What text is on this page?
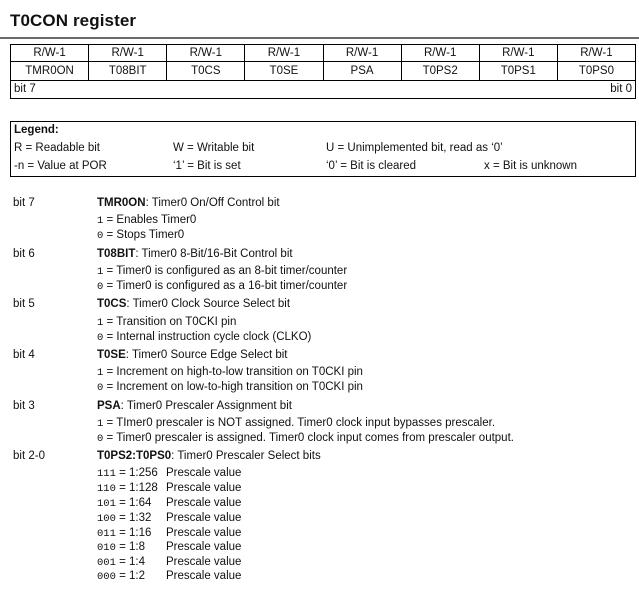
T0CON register
R/W-1	R/W-1	R/W-1	R/W-1	R/W-1	R/W-1	R/W-1	R/W-1
TMR0ON	T08BIT	T0CS	T0SE	PSA	T0PS2	T0PS1	T0PS0

bit 7 bit 0							
Legend:
R = Readable bit	W = Writable bit	U = Unimplemented bit, read as ‘0’
-n = Value at POR	‘1’ = Bit is set	‘0’ = Bit is cleared	x = Bit is unknown
bit 7	TMR0ON: Timer0 On/Off Control bit
1 = Enables Timer0
0 = Stops Timer0
bit 6	T08BIT: Timer0 8-Bit/16-Bit Control bit
1 = Timer0 is configured as an 8-bit timer/counter
0 = Timer0 is configured as a 16-bit timer/counter
bit 5	T0CS: Timer0 Clock Source Select bit
1 = Transition on T0CKI pin
0 = Internal instruction cycle clock (CLKO)
bit 4	T0SE: Timer0 Source Edge Select bit
1 = Increment on high-to-low transition on T0CKI pin
0 = Increment on low-to-high transition on T0CKI pin
bit 3	PSA: Timer0 Prescaler Assignment bit
1 = TImer0 prescaler is NOT assigned. Timer0 clock input bypasses prescaler.
0 = Timer0 prescaler is assigned. Timer0 clock input comes from prescaler output.
bit 2-0	T0PS2:T0PS0: Timer0 Prescaler Select bits
111 = 1:256 Prescale value
110 = 1:128 Prescale value
101 = 1:64 Prescale value
100 = 1:32 Prescale value
011 = 1:16 Prescale value
010 = 1:8 Prescale value
001 = 1:4 Prescale value
000 = 1:2 Prescale value
